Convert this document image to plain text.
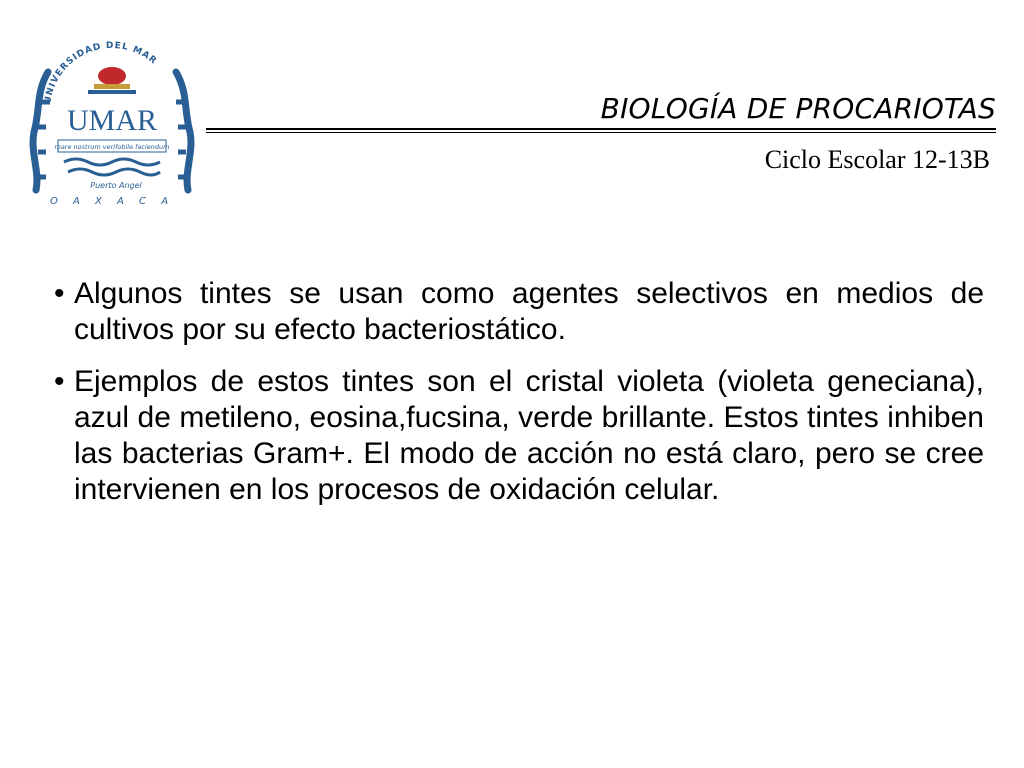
UNIVERSIDAD DEL MAR
UMAR
mare nostrum verifobile faciendum
Puerto Angel
O A X A C A
BIOLOGÍA DE PROCARIOTAS
Ciclo Escolar 12-13B
• Algunos tintes se usan como agentes selectivos en medios de cultivos por su efecto bacteriostático.
• Ejemplos de estos tintes son el cristal violeta (violeta geneciana), azul de metileno, eosina,fucsina, verde brillante. Estos tintes inhiben las bacterias Gram+. El modo de acción no está claro, pero se cree intervienen en los procesos de oxidación celular.
